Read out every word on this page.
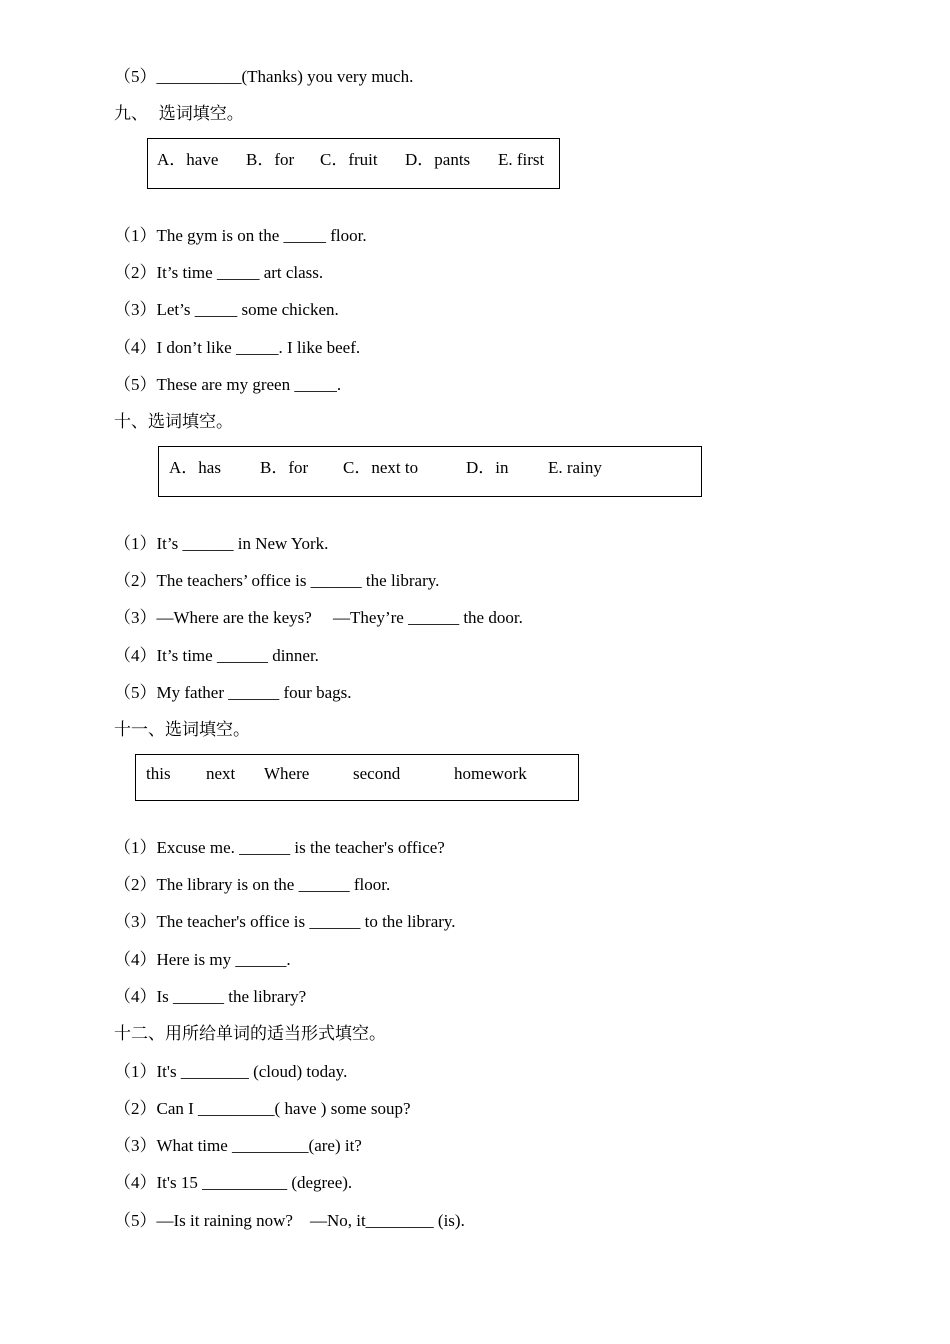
（5）__________(Thanks) you very much.
九、  选词填空。
A．have B．for C．fruit D．pants E. first
（1）The gym is on the _____ floor.
（2）It’s time _____ art class.
（3）Let’s _____ some chicken.
（4）I don’t like _____. I like beef.
（5）These are my green _____.
十、选词填空。
A．has B．for C．next to	D．in E. rainy
（1）It’s ______ in New York.
（2）The teachers’ office is ______ the library.
（3）—Where are the keys?     —They’re ______ the door.
（4）It’s time ______ dinner.
（5）My father ______ four bags.
十一、选词填空。
this next Where	second	homework
（1）Excuse me. ______ is the teacher's office?
（2）The library is on the ______ floor.
（3）The teacher's office is ______ to the library.
（4）Here is my ______.
（4）Is ______ the library?
十二、用所给单词的适当形式填空。
（1）It's ________ (cloud) today.
（2）Can I _________( have ) some soup?
（3）What time _________(are) it?
（4）It's 15 __________ (degree).
（5）—Is it raining now?    —No, it________ (is).
